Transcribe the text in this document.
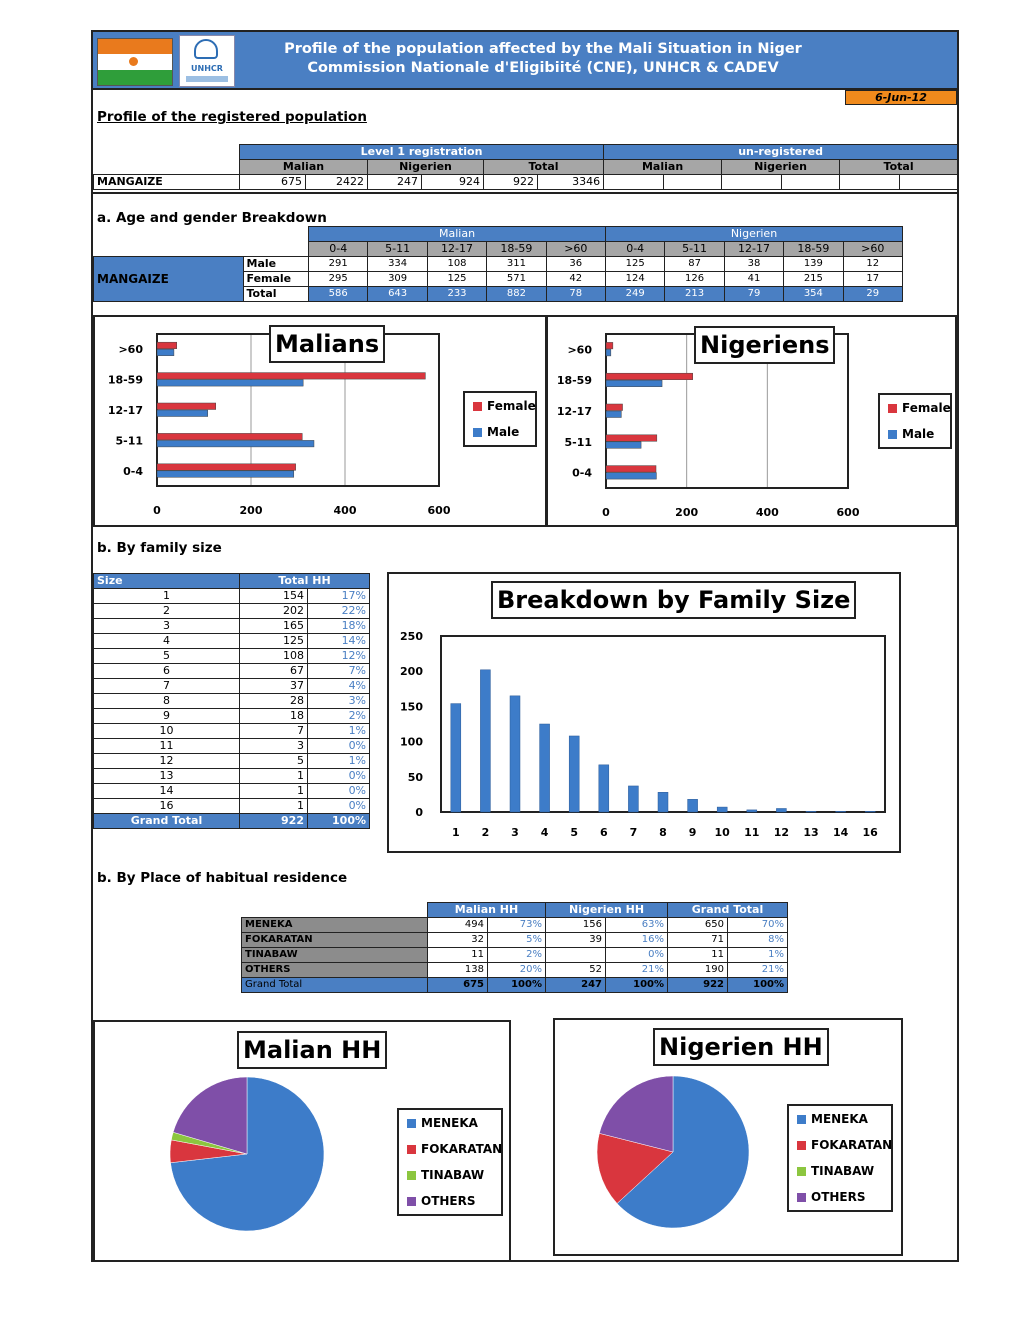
UNHCR
Profile of the population affected by the Mali Situation in Niger
Commission Nationale d'Eligibiité (CNE), UNHCR & CADEV
6-Jun-12
Profile of the registered population
	Level 1 registration						un-registered					
	Malian		Nigerien		Total		Malian		Nigerien		Total	
MANGAIZE	675	2422	247	924	922	3346						
a. Age and gender Breakdown
		Malian					Nigerien				
		0-4	5-11	12-17	18-59	>60	0-4	5-11	12-17	18-59	>60
MANGAIZE	Male	291	334	108	311	36	125	87	38	139	12
	Female	295	309	125	571	42	124	126	41	215	17
	Total	586	643	233	882	78	249	213	79	354	29
0	200	400	600
0-4
5-11
12-17
18-59
>60	Malians
Female
Male
0	200	400	600
0-4
5-11
12-17
18-59
>60	Nigeriens
Female
Male
b. By family size
Size	Total HH	
1	154	17%
2	202	22%
3	165	18%
4	125	14%
5	108	12%
6	67	7%
7	37	4%
8	28	3%
9	18	2%
10	7	1%
11	3	0%
12	5	1%
13	1	0%
14	1	0%
16	1	0%
Grand Total	922	100%
0
50
100
150
200
250
1 2 3 4 5 6 7 8 9 10 11 12 13 14 16
Breakdown by Family Size
b. By Place of habitual residence
	Malian HH		Nigerien HH		Grand Total	
MENEKA	494	73%	156	63%	650	70%
FOKARATAN	32	5%	39	16%	71	8%
TINABAW	11	2%		0%	11	1%
OTHERS	138	20%	52	21%	190	21%
Grand Total	675	100%	247	100%	922	100%
Malian HH
MENEKA
FOKARATAN
TINABAW
OTHERS
Nigerien HH
MENEKA
FOKARATAN
TINABAW
OTHERS
